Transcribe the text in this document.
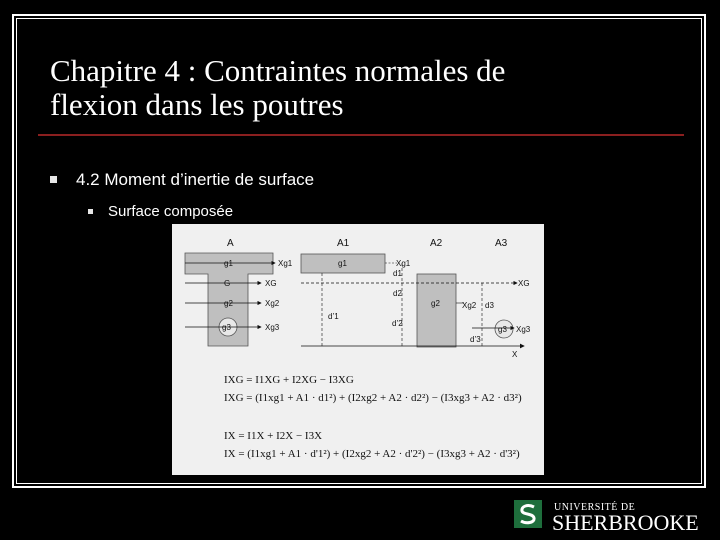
Chapitre 4 : Contraintes normales de
flexion dans les poutres
4.2 Moment d’inertie de surface
Surface composée
A
g1
G
g2
g3
Xg1
XG
Xg2
Xg3
A1
g1
A2
g2
A3
g3
Xg1
XG
Xg2
Xg3
X
d1
d2
d’1
d’2
d3
d’3
IXG = I1XG + I2XG − I3XG
IXG = (I1xg1 + A1 · d1²) + (I2xg2 + A2 · d2²) − (I3xg3 + A2 · d3²)
IX = I1X + I2X − I3X
IX = (I1xg1 + A1 · d'1²) + (I2xg2 + A2 · d'2²) − (I3xg3 + A2 · d'3²)
UNIVERSITÉ DE
SHERBROOKE
